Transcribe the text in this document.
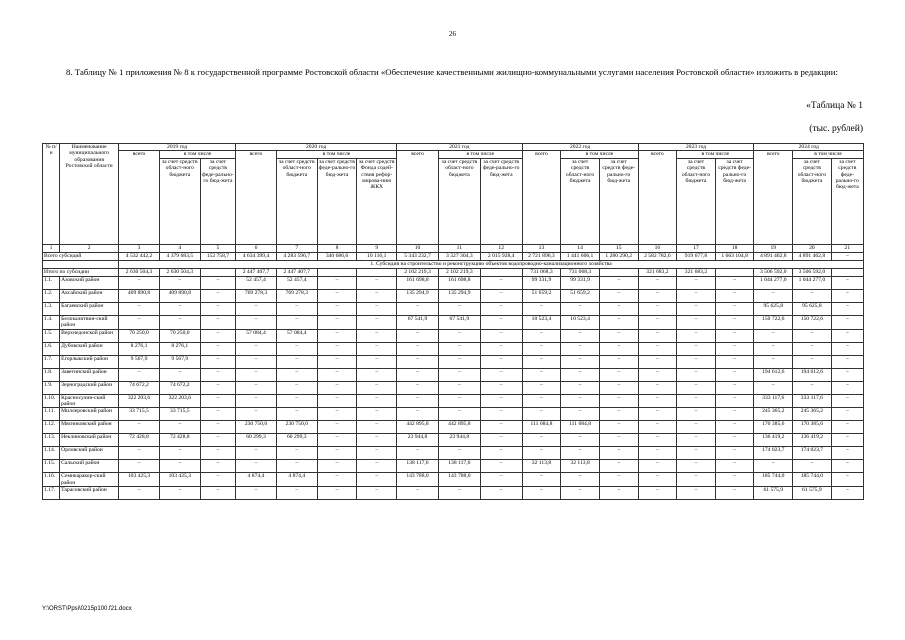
26
8. Таблицу № 1 приложения № 8 к государственной программе Ростовской области «Обеспечение качественными жилищно-коммунальными услугами населения Ростовской области» изложить в редакции:
«Таблица № 1
(тыс. рублей)
№ п/н	Наименование муниципального образования Ростовской области	2019 год			2020 год				2021 год			2022 год			2023 год			2024 год		
		всего	в том числе		всего	в том числе			всего	в том числе		всего	в том числе		всего	в том числе		всего	в том числе	
			за счет средств област-ного бюджета	за счет средств феде-рально-го бюд-жета		за счет средств област-ного бюджета	за счет средств феде-рально-го бюд-жета	за счет средств Фонда содей-ствия рефор-мирова-нию ЖКХ		за счет средств област-ного бюджета	за счет средств феде-рально-го бюд-жета		за счет средств област-ного бюджета	за счет средств феде-рально-го бюд-жета		за счет средств област-ного бюджета	за счет средств феде-рально-го бюд-жета		за счет средств област-ного бюджета	за счет средств феде-рально-го бюд-жета
1	2	3	4	5	6	7	8	9	10	11	12	13	14	15	16	17	18	19	20	21
Всего субсидий		4 532 442,2	4 379 683,5	152 758,7	4 634 399,4	4 283 596,7	340 686,6	10 116,1	5 343 232,7	3 327 304,3	2 015 928,4	2 721 896,3	1 441 606,1	1 280 290,2	2 582 782,6	919 677,8	1 663 104,8	4 891 462,8	4 891 462,8	–
		1. Субсидия на строительство и реконструкцию объектов водопроводно-канализационного хозяйства																		
Итого по субсидии		2 630 504,3	2 630 504,3		2 447 407,7	2 447 407,7			2 102 219,3	2 102 219,3		731 068,3	731 068,3		321 683,2	321 683,2		3 506 592,0	3 506 592,0	
1.1.	Азовский район	–	–	–	52 457,4	52 457,4	–	–	161 698,8	161 698,8	–	99 331,9	99 331,9	–	–	–	–	1 044 277,0	1 044 277,0	–
1.2.	Аксайский район	409 890,8	409 890,8	–	769 278,3	769 278,3	–	–	135 294,9	135 294,9	–	51 659,2	51 659,2	–	–	–	–	–	–	–
1.3.	Багаевский район	–	–	–	–	–	–	–	–	–	–	–	–	–	–	–	–	95 625,8	95 625,8	–
1.4.	Белокалитвин-ский район	–	–	–	–	–	–	–	67 541,9	67 541,9	–	10 523,4	10 523,4	–	–	–	–	150 722,6	150 722,6	–
1.5.	Верхнедонской район	70 250,0	70 250,0	–	57 084,4	57 084,4	–	–	–	–	–	–	–	–	–	–	–	–	–	–
1.6.	Дубовский район	8 276,1	8 276,1	–	–	–	–	–	–	–	–	–	–	–	–	–	–	–	–	–
1.7.	Егорлыкский район	9 567,9	9 567,9	–	–	–	–	–	–	–	–	–	–	–	–	–	–	–	–	–
1.8.	Заветинский район	–	–	–	–	–	–	–	–	–	–	–	–	–	–	–	–	194 612,6	194 612,6	–
1.9.	Зерноградский район	74 672,2	74 672,2	–	–	–	–	–	–	–	–	–	–	–	–	–	–	–	–	–
1.10.	Красносулин-ский район	322 203,6	322 203,6	–	–	–	–	–	–	–	–	–	–	–	–	–	–	333 117,6	333 117,6	–
1.11.	Миллеровский район	33 715,5	33 715,5	–	–	–	–	–	–	–	–	–	–	–	–	–	–	245 365,2	245 365,2	–
1.12.	Мясниковский район	–	–	–	230 750,0	230 750,0	–	–	442 895,8	442 895,8	–	111 684,8	111 684,8	–	–	–	–	170 385,6	170 385,6	–
1.13.	Неклиновский район	72 428,8	72 428,8	–	60 299,3	60 299,3	–	–	23 944,8	23 944,8	–	–	–	–	–	–	–	136 419,2	136 419,2	–
1.14.	Орловский район	–	–	–	–	–	–	–	–	–	–	–	–	–	–	–	–	174 023,7	174 023,7	–
1.15.	Сальский район	–	–	–	–	–	–	–	138 117,6	138 117,6	–	32 113,8	32 113,8	–	–	–	–	–	–	–
1.16.	Семикаракор-ский район	103 425,3	103 425,3	–	4 874,4	4 874,4	–	–	143 788,0	143 788,0	–	–	–	–	–	–	–	185 744,0	185 744,0	–
1.17.	Тарасовский район	–	–	–	–	–	–	–	–	–	–	–	–	–	–	–	–	61 575,9	61 575,9	–
Y:\ORST\Ppsi\0215p100.f21.docx
